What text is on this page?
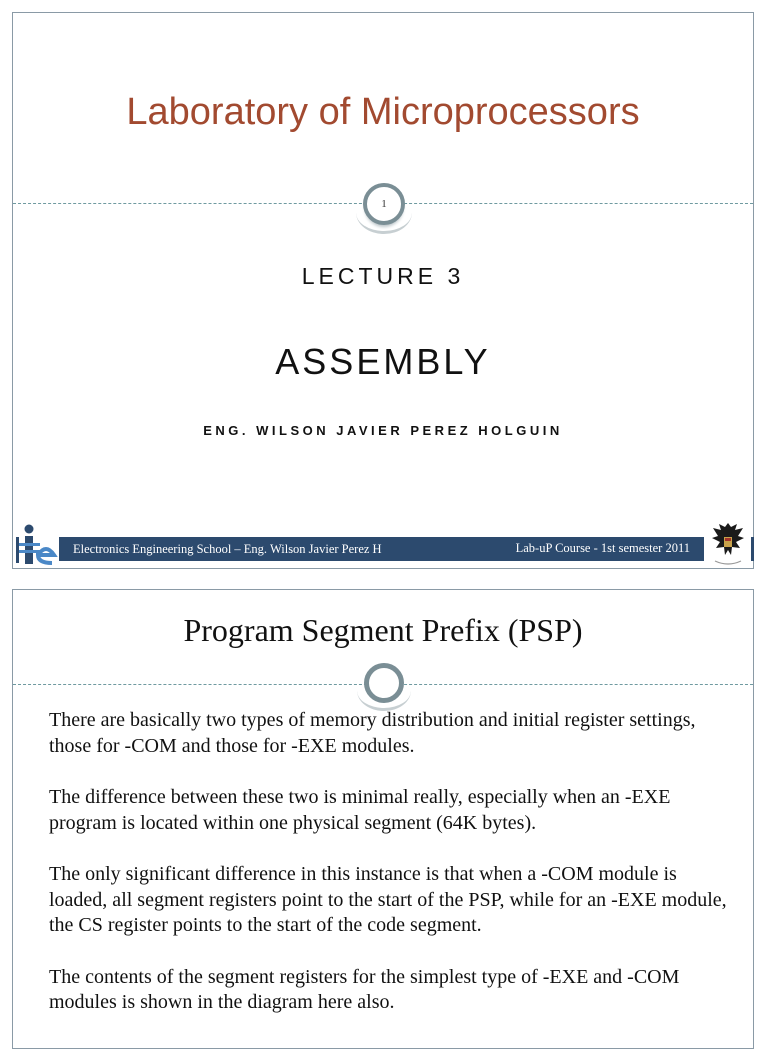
Laboratory of Microprocessors
1
LECTURE 3
ASSEMBLY
ENG. WILSON JAVIER PEREZ HOLGUIN
Electronics Engineering School – Eng. Wilson Javier Perez H	Lab-uP Course - 1st semester 2011
Program Segment Prefix (PSP)

There are basically two types of memory distribution and initial register settings, those for -COM and those for -EXE modules.

The difference between these two is minimal really, especially when an -EXE program is located within one physical segment (64K bytes).

The only significant difference in this instance is that when a -COM module is loaded, all segment registers point to the start of the PSP, while for an -EXE module, the CS register points to the start of the code segment.

The contents of the segment registers for the simplest type of -EXE and -COM modules is shown in the diagram here also.
